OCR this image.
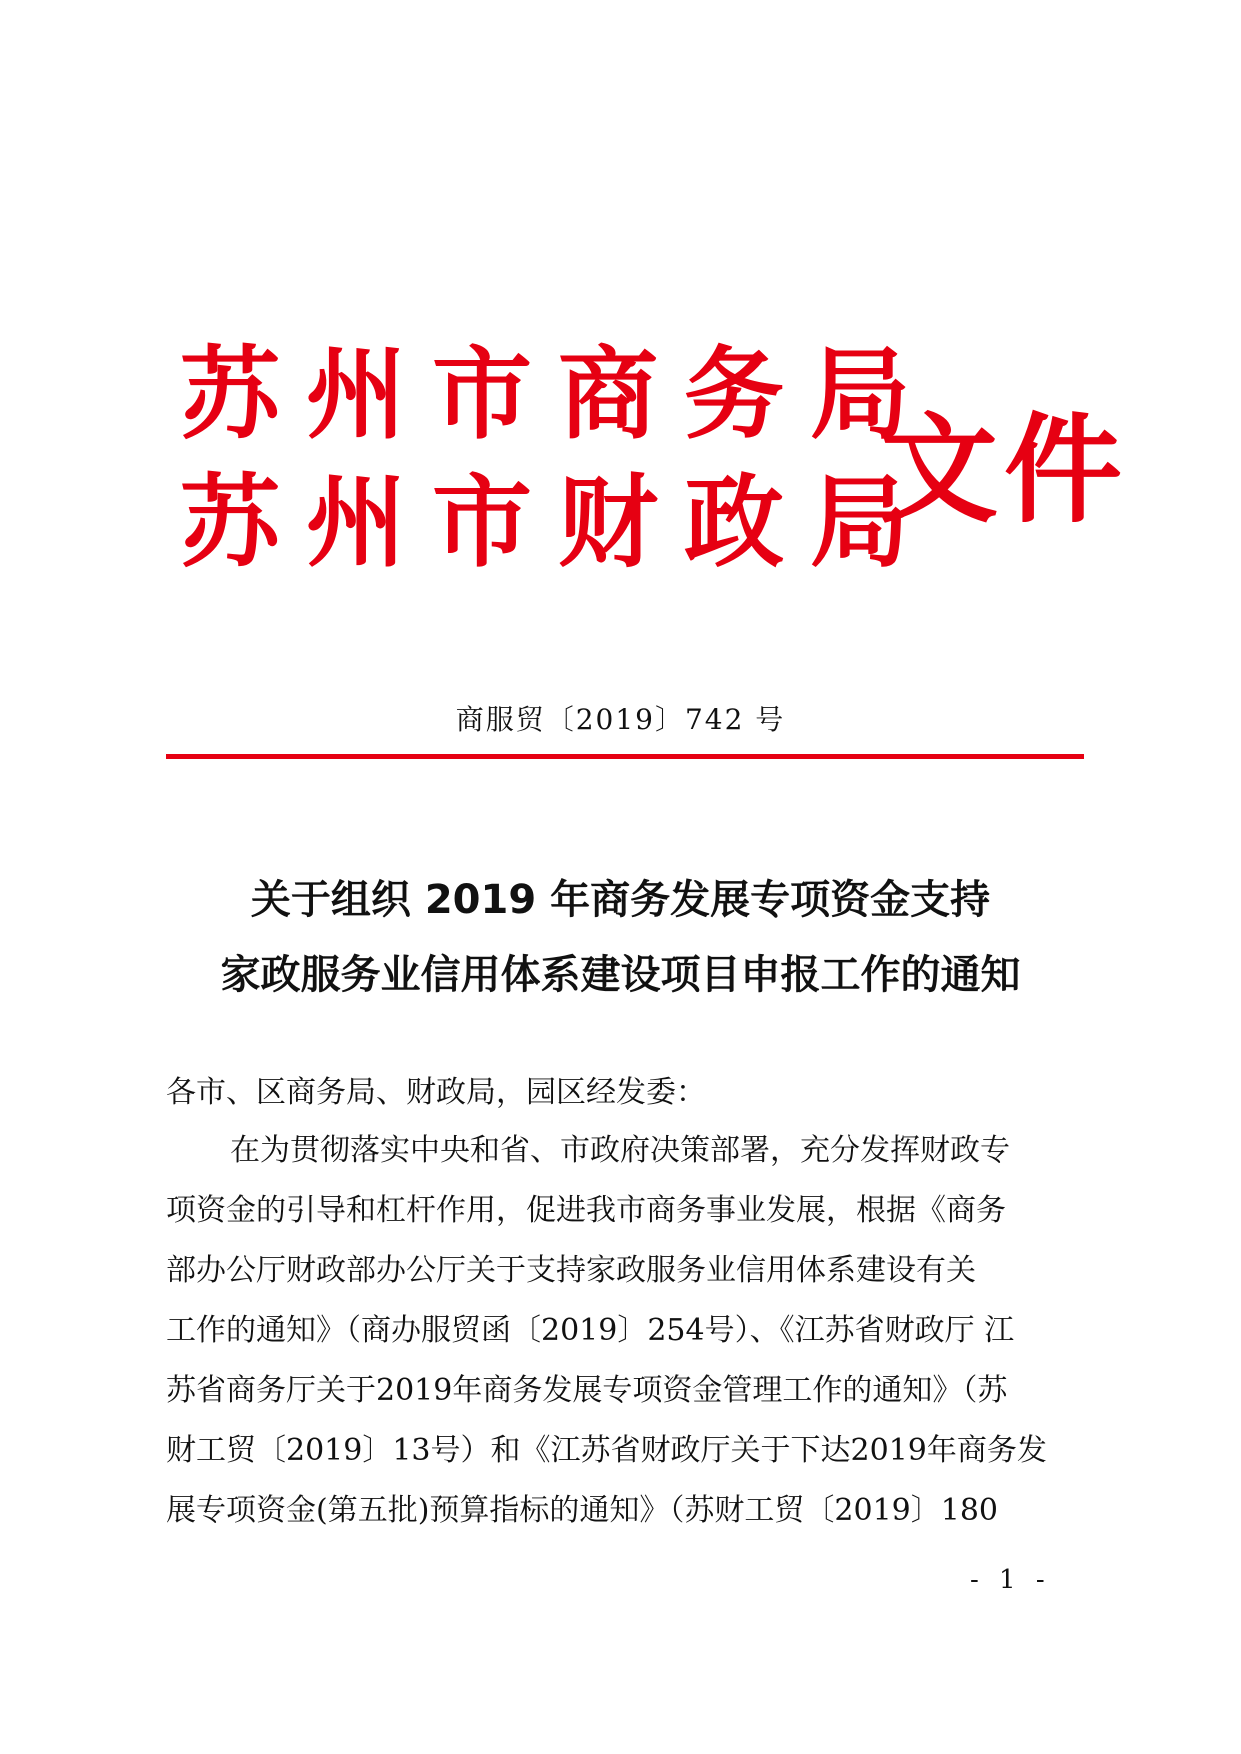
苏州市商务局
苏州市财政局
文件
商服贸〔2019〕742 号
关于组织 2019 年商务发展专项资金支持
家政服务业信用体系建设项目申报工作的通知
各市、区商务局、财政局，园区经发委：
在为贯彻落实中央和省、市政府决策部署，充分发挥财政专
项资金的引导和杠杆作用，促进我市商务事业发展，根据《商务
部办公厅财政部办公厅关于支持家政服务业信用体系建设有关
工作的通知》（商办服贸函〔2019〕254号）、《江苏省财政厅 江
苏省商务厅关于2019年商务发展专项资金管理工作的通知》（苏
财工贸〔2019〕13号）和《江苏省财政厅关于下达2019年商务发
展专项资金(第五批)预算指标的通知》（苏财工贸〔2019〕180
- 1 -
